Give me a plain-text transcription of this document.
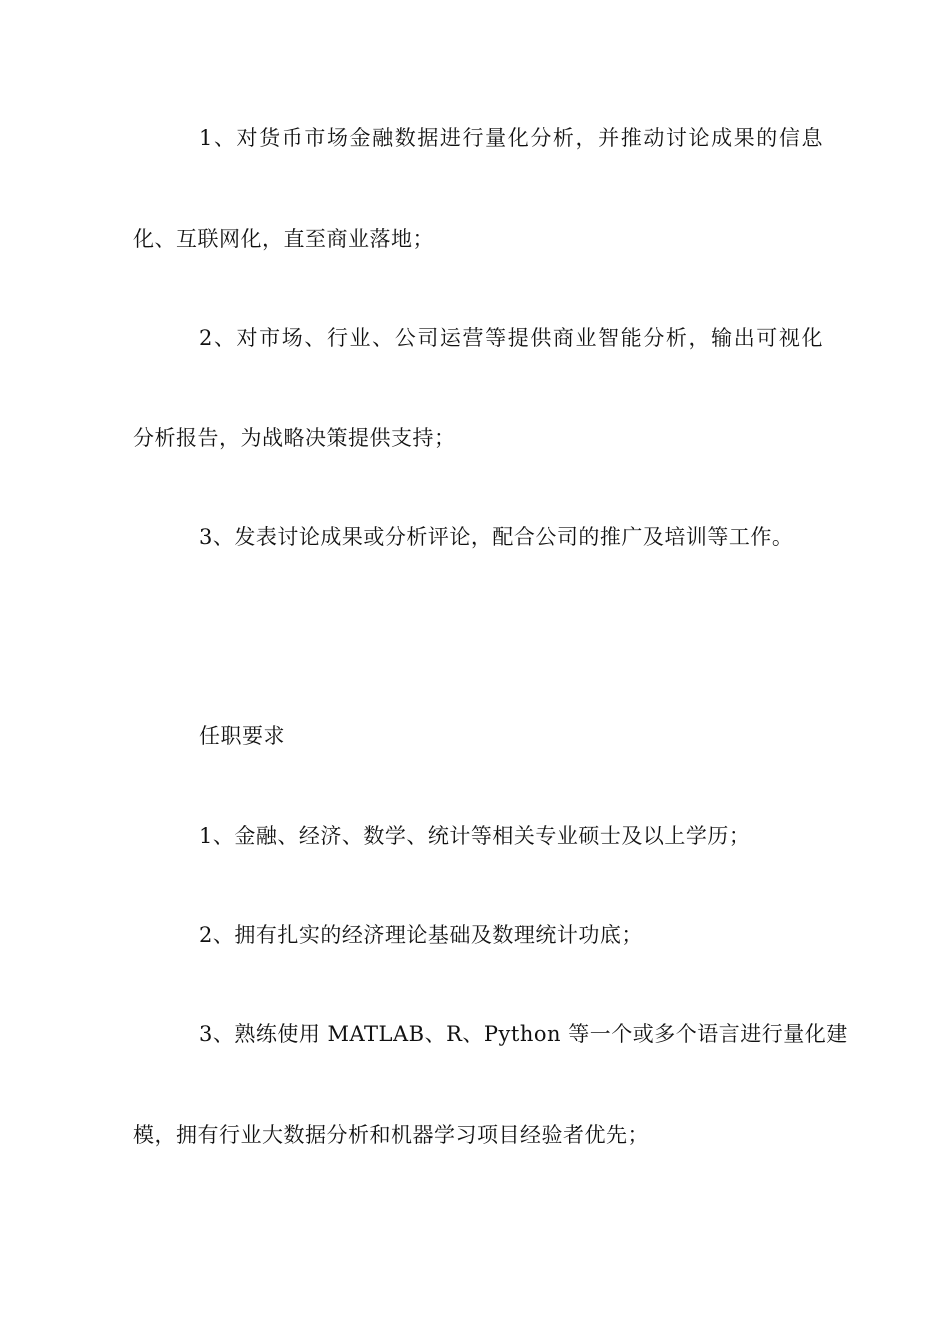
1、对货币市场金融数据进行量化分析，并推动讨论成果的信息
化、互联网化，直至商业落地；
2、对市场、行业、公司运营等提供商业智能分析，输出可视化
分析报告，为战略决策提供支持；
3、发表讨论成果或分析评论，配合公司的推广及培训等工作。
任职要求
1、金融、经济、数学、统计等相关专业硕士及以上学历；
2、拥有扎实的经济理论基础及数理统计功底；
3、熟练使用 MATLAB、R、Python 等一个或多个语言进行量化建
模，拥有行业大数据分析和机器学习项目经验者优先；
